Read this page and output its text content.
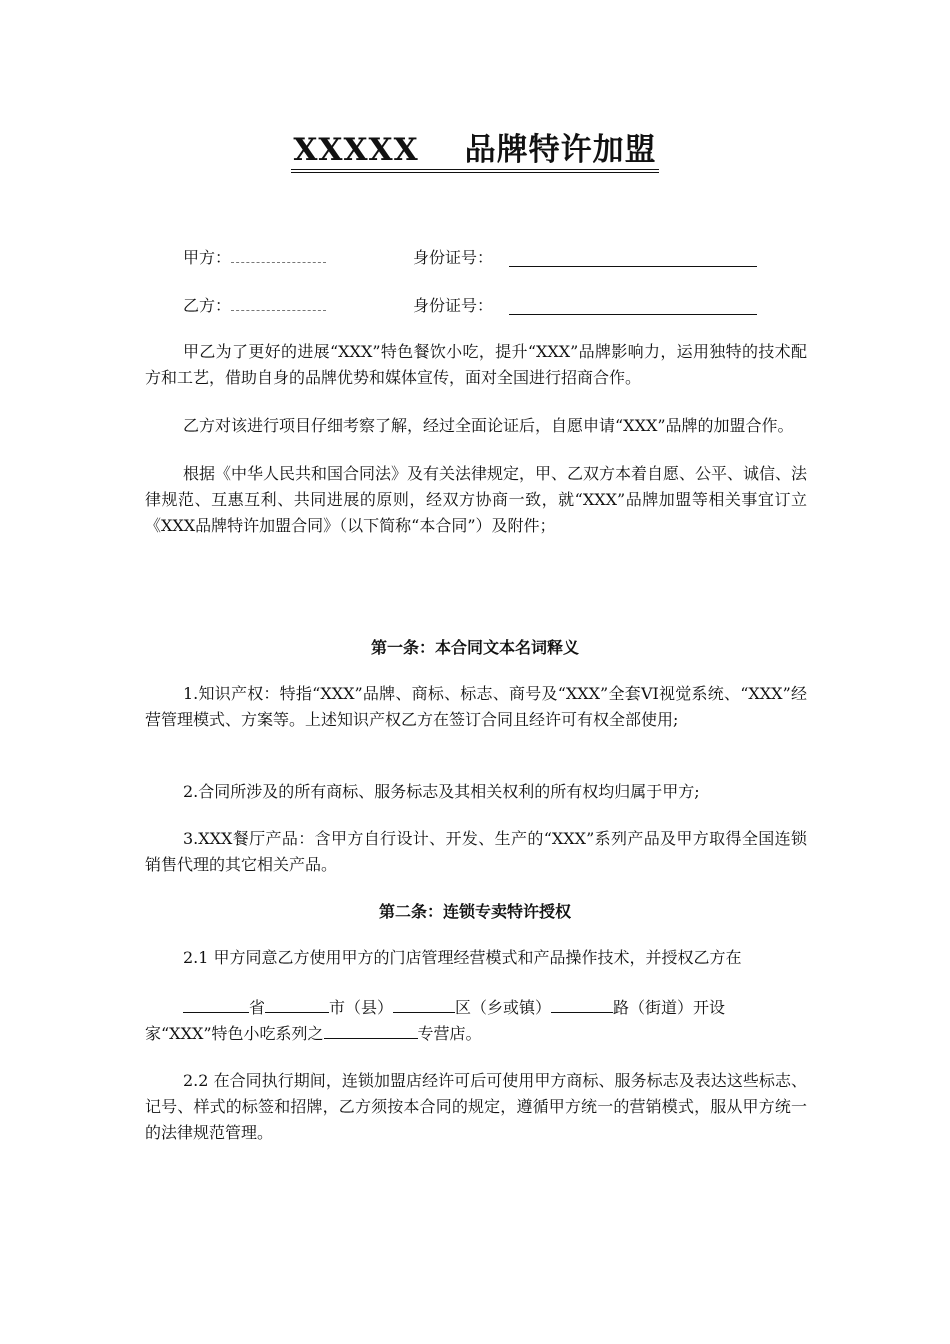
XXXXX 品牌特许加盟
甲方：	身份证号：
乙方：	身份证号：

甲乙为了更好的进展“XXX”特色餐饮小吃，提升“XXX”品牌影响力，运用独特的技术配方和工艺，借助自身的品牌优势和媒体宣传，面对全国进行招商合作。

乙方对该进行项目仔细考察了解，经过全面论证后，自愿申请“XXX”品牌的加盟合作。

根据《中华人民共和国合同法》及有关法律规定，甲、乙双方本着自愿、公平、诚信、法律规范、互惠互利、共同进展的原则，经双方协商一致，就“XXX”品牌加盟等相关事宜订立《XXX品牌特许加盟合同》（以下简称“本合同”）及附件；

第一条：本合同文本名词释义

1.知识产权：特指“XXX”品牌、商标、标志、商号及“XXX”全套VI视觉系统、“XXX”经营管理模式、方案等。上述知识产权乙方在签订合同且经许可有权全部使用;

2.合同所涉及的所有商标、服务标志及其相关权利的所有权均归属于甲方;

3.XXX餐厅产品：含甲方自行设计、开发、生产的“XXX”系列产品及甲方取得全国连锁销售代理的其它相关产品。

第二条：连锁专卖特许授权

2.1 甲方同意乙方使用甲方的门店管理经营模式和产品操作技术，并授权乙方在

省	市（县）	区（乡或镇）	路（街道）开设
家“XXX”特色小吃系列之	专营店。

2.2 在合同执行期间，连锁加盟店经许可后可使用甲方商标、服务标志及表达这些标志、记号、样式的标签和招牌，乙方须按本合同的规定，遵循甲方统一的营销模式，服从甲方统一的法律规范管理。
